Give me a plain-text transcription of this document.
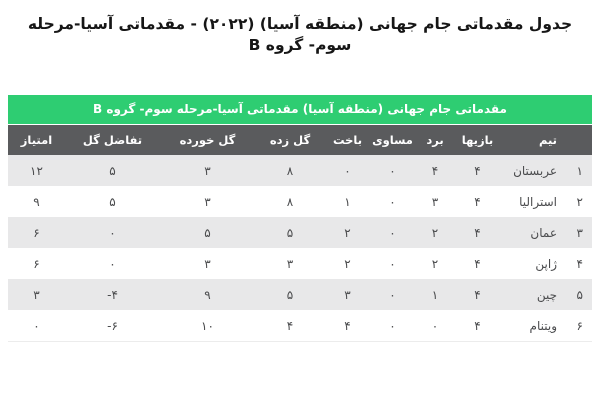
جدول مقدماتی جام جهانی (منطقه آسیا) (۲۰۲۲) - مقدماتی آسیا-مرحله سوم- گروه B
مقدماتی جام جهانی (منطقه آسیا) مقدماتی آسیا-مرحله سوم- گروه B
	تیم	بازیها	برد	مساوی	باخت	گل زده	گل خورده	تفاضل گل	امتیاز
۱	عربستان	۴	۴	۰	۰	۸	۳	۵	۱۲
۲	استرالیا	۴	۳	۰	۱	۸	۳	۵	۹
۳	عمان	۴	۲	۰	۲	۵	۵	۰	۶
۴	ژاپن	۴	۲	۰	۲	۳	۳	۰	۶
۵	چین	۴	۱	۰	۳	۵	۹	-۴	۳
۶	ویتنام	۴	۰	۰	۴	۴	۱۰	-۶	۰
